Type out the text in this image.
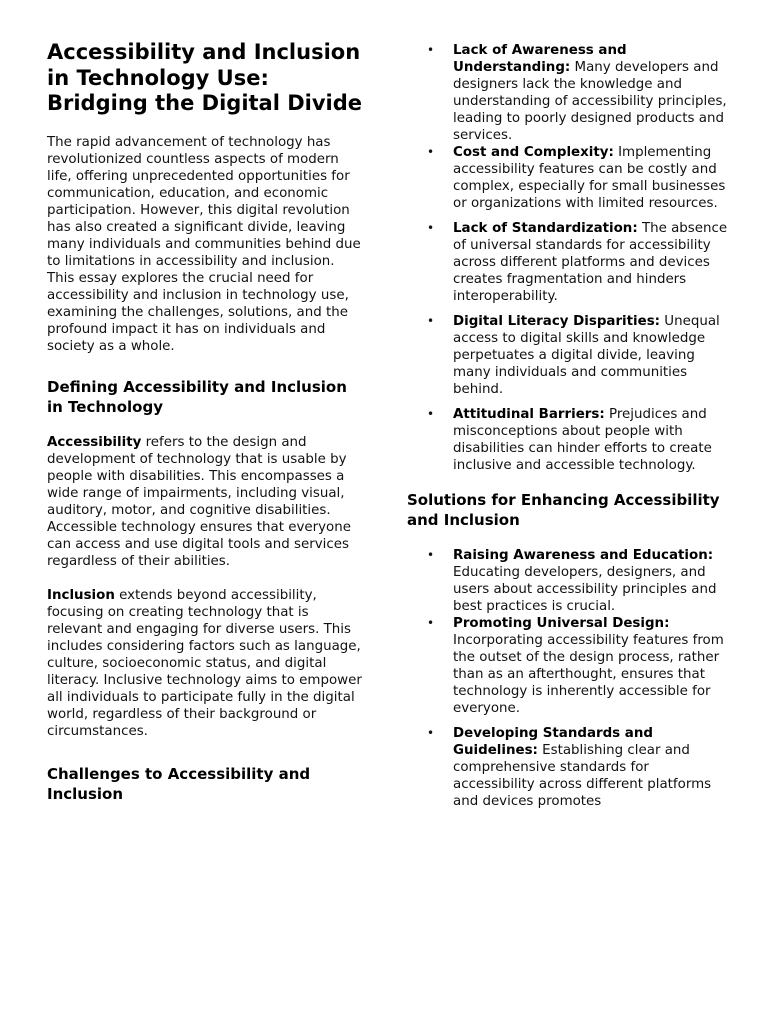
Accessibility and Inclusion in Technology Use: Bridging the Digital Divide

The rapid advancement of technology has revolutionized countless aspects of modern life, offering unprecedented opportunities for communication, education, and economic participation. However, this digital revolution has also created a significant divide, leaving many individuals and communities behind due to limitations in accessibility and inclusion. This essay explores the crucial need for accessibility and inclusion in technology use, examining the challenges, solutions, and the profound impact it has on individuals and society as a whole.

Defining Accessibility and Inclusion in Technology

Accessibility refers to the design and development of technology that is usable by people with disabilities. This encompasses a wide range of impairments, including visual, auditory, motor, and cognitive disabilities. Accessible technology ensures that everyone can access and use digital tools and services regardless of their abilities.

Inclusion extends beyond accessibility, focusing on creating technology that is relevant and engaging for diverse users. This includes considering factors such as language, culture, socioeconomic status, and digital literacy. Inclusive technology aims to empower all individuals to participate fully in the digital world, regardless of their background or circumstances.

Challenges to Accessibility and Inclusion
• Lack of Awareness and Understanding: Many developers and designers lack the knowledge and understanding of accessibility principles, leading to poorly designed products and services.
• Cost and Complexity: Implementing accessibility features can be costly and complex, especially for small businesses or organizations with limited resources.
• Lack of Standardization: The absence of universal standards for accessibility across different platforms and devices creates fragmentation and hinders interoperability.
• Digital Literacy Disparities: Unequal access to digital skills and knowledge perpetuates a digital divide, leaving many individuals and communities behind.
• Attitudinal Barriers: Prejudices and misconceptions about people with disabilities can hinder efforts to create inclusive and accessible technology.
Solutions for Enhancing Accessibility and Inclusion
• Raising Awareness and Education: Educating developers, designers, and users about accessibility principles and best practices is crucial.
• Promoting Universal Design: Incorporating accessibility features from the outset of the design process, rather than as an afterthought, ensures that technology is inherently accessible for everyone.
• Developing Standards and Guidelines: Establishing clear and comprehensive standards for accessibility across different platforms and devices promotes
